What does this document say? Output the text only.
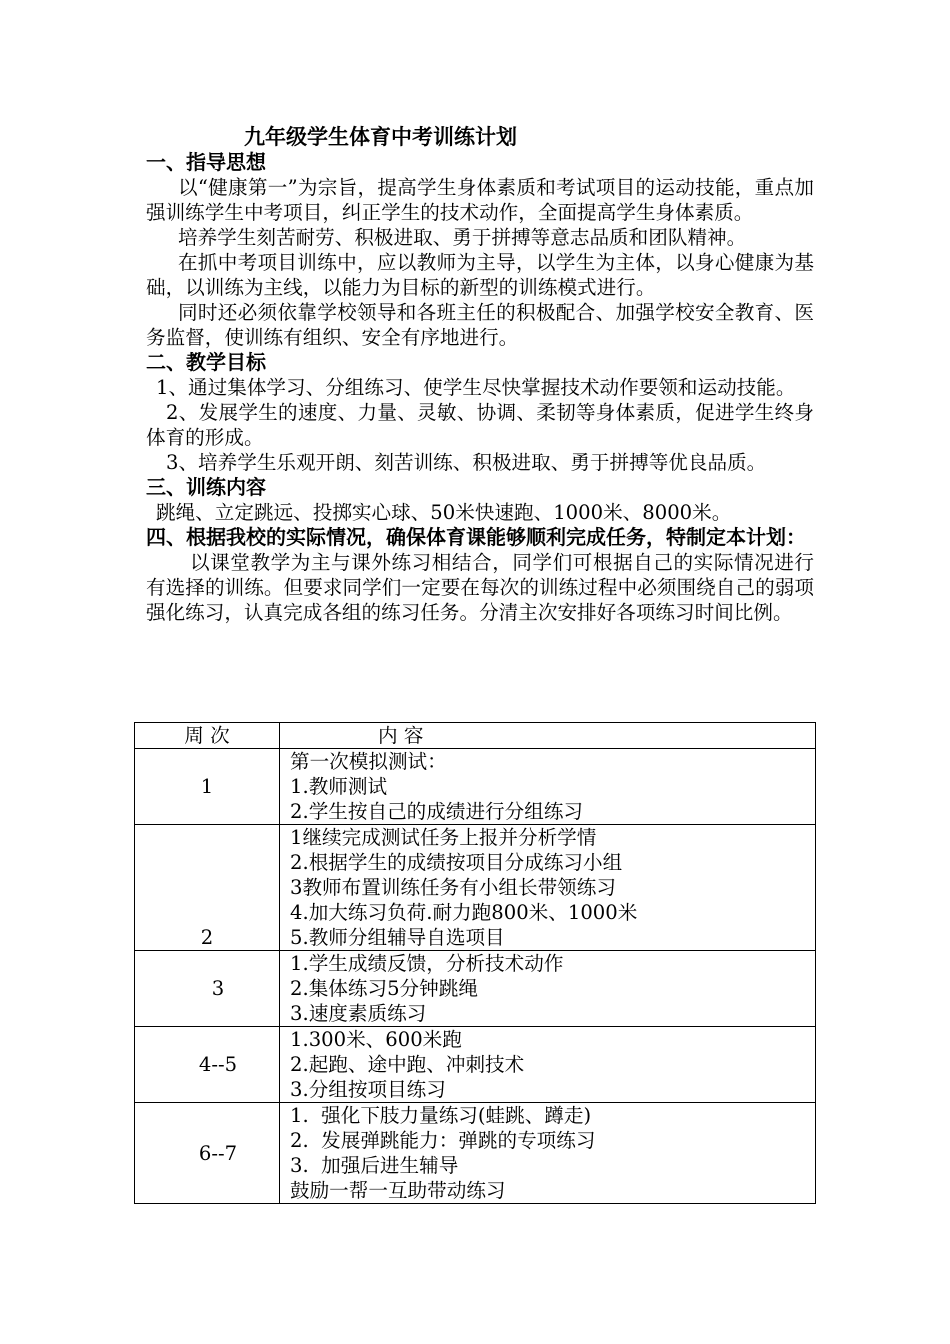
九年级学生体育中考训练计划
一、指导思想

以“健康第一”为宗旨，提高学生身体素质和考试项目的运动技能，重点加强训练学生中考项目，纠正学生的技术动作，全面提高学生身体素质。

培养学生刻苦耐劳、积极进取、勇于拼搏等意志品质和团队精神。

在抓中考项目训练中，应以教师为主导，以学生为主体，以身心健康为基础，以训练为主线，以能力为目标的新型的训练模式进行。

同时还必须依靠学校领导和各班主任的积极配合、加强学校安全教育、医务监督，使训练有组织、安全有序地进行。

二、教学目标

1、通过集体学习、分组练习、使学生尽快掌握技术动作要领和运动技能。

2、发展学生的速度、力量、灵敏、协调、柔韧等身体素质，促进学生终身体育的形成。

3、培养学生乐观开朗、刻苦训练、积极进取、勇于拼搏等优良品质。

三、训练内容

跳绳、立定跳远、投掷实心球、50米快速跑、1000米、8000米。

四、根据我校的实际情况，确保体育课能够顺利完成任务，特制定本计划：

以课堂教学为主与课外练习相结合，同学们可根据自己的实际情况进行有选择的训练。但要求同学们一定要在每次的训练过程中必须围绕自己的弱项强化练习，认真完成各组的练习任务。分清主次安排好各项练习时间比例。

周 次	内 容

1	第一次模拟测试：
1.教师测试
2.学生按自己的成绩进行分组练习

2	1继续完成测试任务上报并分析学情
2.根据学生的成绩按项目分成练习小组
3教师布置训练任务有小组长带领练习
4.加大练习负荷.耐力跑800米、1000米
5.教师分组辅导自选项目

3	1.学生成绩反馈，分析技术动作
2.集体练习5分钟跳绳
3.速度素质练习

4--5	1.300米、600米跑
2.起跑、途中跑、冲刺技术
3.分组按项目练习

6--7	1.  强化下肢力量练习(蛙跳、蹲走)
2.  发展弹跳能力：弹跳的专项练习
3.  加强后进生辅导
鼓励一帮一互助带动练习
